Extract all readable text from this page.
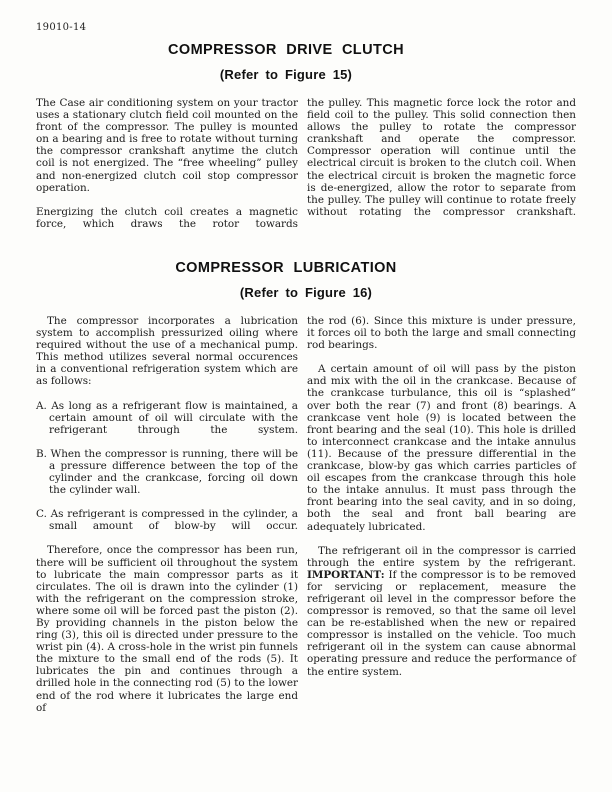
19010-14
COMPRESSOR DRIVE CLUTCH
(Refer to Figure 15)

The Case air conditioning system on your tractor uses a stationary clutch field coil mounted on the front of the compressor. The pulley is mounted on a bearing and is free to rotate without turning the compressor crankshaft anytime the clutch coil is not energized. The “free wheeling” pulley and non-energized clutch coil stop compressor operation.

Energizing the clutch coil creates a magnetic force, which draws the rotor towards

the pulley. This magnetic force lock the rotor and field coil to the pulley. This solid connection then allows the pulley to rotate the compressor crankshaft and operate the compressor. Compressor operation will continue until the electrical circuit is broken to the clutch coil. When the electrical circuit is broken the magnetic force is de-energized, allow the rotor to separate from the pulley. The pulley will continue to rotate freely without rotating the compressor crankshaft.

COMPRESSOR LUBRICATION
(Refer to Figure 16)

The compressor incorporates a lubrication system to accomplish pressurized oiling where required without the use of a mechanical pump. This method utilizes several normal occurences in a conventional refrigeration system which are as follows:

A. As long as a refrigerant flow is maintained, a certain amount of oil will circulate with the refrigerant through the system.

B. When the compressor is running, there will be a pressure difference between the top of the cylinder and the crankcase, forcing oil down the cylinder wall.

C. As refrigerant is compressed in the cylinder, a small amount of blow-by will occur.

Therefore, once the compressor has been run, there will be sufficient oil throughout the system to lubricate the main compressor parts as it circulates. The oil is drawn into the cylinder (1) with the refrigerant on the compression stroke, where some oil will be forced past the piston (2). By providing channels in the piston below the ring (3), this oil is directed under pressure to the wrist pin (4). A cross-hole in the wrist pin funnels the mixture to the small end of the rods (5). It lubricates the pin and continues through a drilled hole in the connecting rod (5) to the lower end of the rod where it lubricates the large end of

the rod (6). Since this mixture is under pressure, it forces oil to both the large and small connecting rod bearings.

A certain amount of oil will pass by the piston and mix with the oil in the crankcase. Because of the crankcase turbulance, this oil is “splashed” over both the rear (7) and front (8) bearings. A crankcase vent hole (9) is located between the front bearing and the seal (10). This hole is drilled to interconnect crankcase and the intake annulus (11). Because of the pressure differential in the crankcase, blow-by gas which carries particles of oil escapes from the crankcase through this hole to the intake annulus. It must pass through the front bearing into the seal cavity, and in so doing, both the seal and front ball bearing are adequately lubricated.

The refrigerant oil in the compressor is carried through the entire system by the refrigerant. IMPORTANT: If the compressor is to be removed for servicing or replacement, measure the refrigerant oil level in the compressor before the compressor is removed, so that the same oil level can be re-established when the new or repaired compressor is installed on the vehicle. Too much refrigerant oil in the system can cause abnormal operating pressure and reduce the performance of the entire system.
